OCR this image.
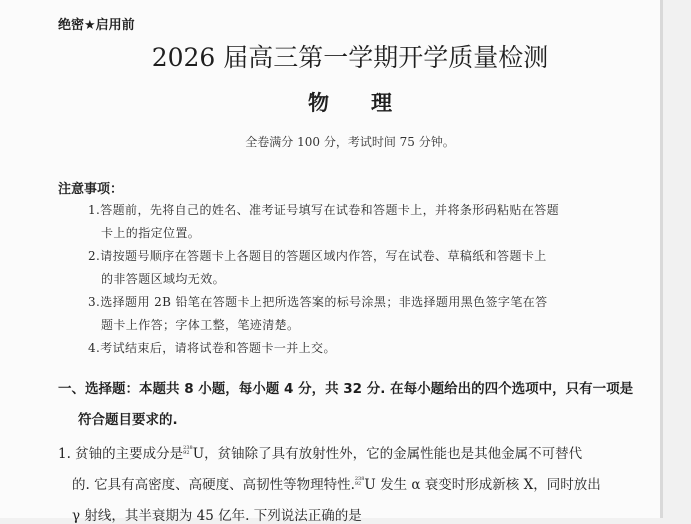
绝密★启用前
2026 届高三第一学期开学质量检测
物 理
全卷满分 100 分，考试时间 75 分钟。
注意事项：
1.答题前，先将自己的姓名、准考证号填写在试卷和答题卡上，并将条形码粘贴在答题
卡上的指定位置。
2.请按题号顺序在答题卡上各题目的答题区域内作答，写在试卷、草稿纸和答题卡上
的非答题区域均无效。
3.选择题用 2B 铅笔在答题卡上把所选答案的标号涂黑；非选择题用黑色签字笔在答
题卡上作答；字体工整，笔迹清楚。
4.考试结束后，请将试卷和答题卡一并上交。
一、选择题：本题共 8 小题，每小题 4 分，共 32 分. 在每小题给出的四个选项中，只有一项是
符合题目要求的.
1. 贫铀的主要成分是$^{238 92}$ U，贫铀除了具有放射性外，它的金属性能也是其他金属不可替代
的. 它具有高密度、高硬度、高韧性等物理特性.$^{238 92}$ U 发生 α 衰变时形成新核 X，同时放出
γ 射线，其半衰期为 45 亿年. 下列说法正确的是
